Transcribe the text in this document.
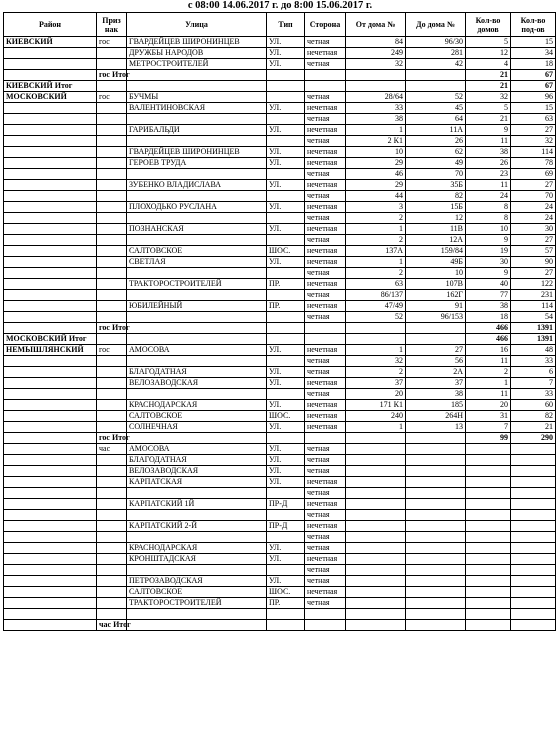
с 08:00 14.06.2017 г. до 8:00 15.06.2017 г.
Район	Приз нак	Улица	Тип	Сторона	От дома №	До дома №	Кол-во домов	Кол-во под-ов
КИЕВСКИЙ	гос	ГВАРДЕЙЦЕВ ШИРОНИНЦЕВ	УЛ.	четная	84	96/30	5	15
		ДРУЖБЫ НАРОДОВ	УЛ.	нечетная	249	281	12	34
		МЕТРОСТРОИТЕЛЕЙ	УЛ.	четная	32	42	4	18
	гос Итог						21	67
КИЕВСКИЙ Итог							21	67
МОСКОВСКИЙ	гос	БУЧМЫ		четная	28/64	52	32	96
		ВАЛЕНТИНОВСКАЯ	УЛ.	нечетная	33	45	5	15
				четная	38	64	21	63
		ГАРИБАЛЬДИ	УЛ.	нечетная	1	11А	9	27
				четная	2 К1	26	11	32
		ГВАРДЕЙЦЕВ ШИРОНИНЦЕВ	УЛ.	нечетная	10	62	38	114
		ГЕРОЕВ ТРУДА	УЛ.	нечетная	29	49	26	78
				четная	46	70	23	69
		ЗУБЕНКО ВЛАДИСЛАВА	УЛ.	нечетная	29	35Б	11	27
				четная	44	82	24	70
		ПЛОХОДЬКО РУСЛАНА	УЛ.	нечетная	3	15Б	8	24
				четная	2	12	8	24
		ПОЗНАНСКАЯ	УЛ.	нечетная	1	11В	10	30
				четная	2	12А	9	27
		САЛТОВСКОЕ	ШОС.	нечетная	137А	159/84	19	57
		СВЕТЛАЯ	УЛ.	нечетная	1	49Б	30	90
				четная	2	10	9	27
		ТРАКТОРОСТРОИТЕЛЕЙ	ПР.	нечетная	63	107В	40	122
				четная	86/137	162Г	77	231
		ЮБИЛЕЙНЫЙ	ПР.	нечетная	47/49	91	38	114
				четная	52	96/153	18	54
	гос Итог						466	1391
МОСКОВСКИЙ Итог							466	1391
НЕМЫШЛЯНСКИЙ	гос	АМОСОВА	УЛ.	нечетная	1	27	16	48
				четная	32	56	11	33
		БЛАГОДАТНАЯ	УЛ.	четная	2	2А	2	6
		ВЕЛОЗАВОДСКАЯ	УЛ.	нечетная	37	37	1	7
				четная	20	38	11	33
		КРАСНОДАРСКАЯ	УЛ.	нечетная	171 К1	185	20	60
		САЛТОВСКОЕ	ШОС.	нечетная	240	264Н	31	82
		СОЛНЕЧНАЯ	УЛ.	нечетная	1	13	7	21
	гос Итог						99	290
	час	АМОСОВА	УЛ.	четная				
		БЛАГОДАТНАЯ	УЛ.	четная				
		ВЕЛОЗАВОДСКАЯ	УЛ.	четная				
		КАРПАТСКАЯ	УЛ.	нечетная				
				четная				
		КАРПАТСКИЙ 1Й	ПР-Д	нечетная				
				четная				
		КАРПАТСКИЙ 2-Й	ПР-Д	нечетная				
				четная				
		КРАСНОДАРСКАЯ	УЛ.	четная				
		КРОНШТАДСКАЯ	УЛ.	нечетная				
				четная				
		ПЕТРОЗАВОДСКАЯ	УЛ.	четная				
		САЛТОВСКОЕ	ШОС.	нечетная				
		ТРАКТОРОСТРОИТЕЛЕЙ	ПР.	четная				

	час Итог							
